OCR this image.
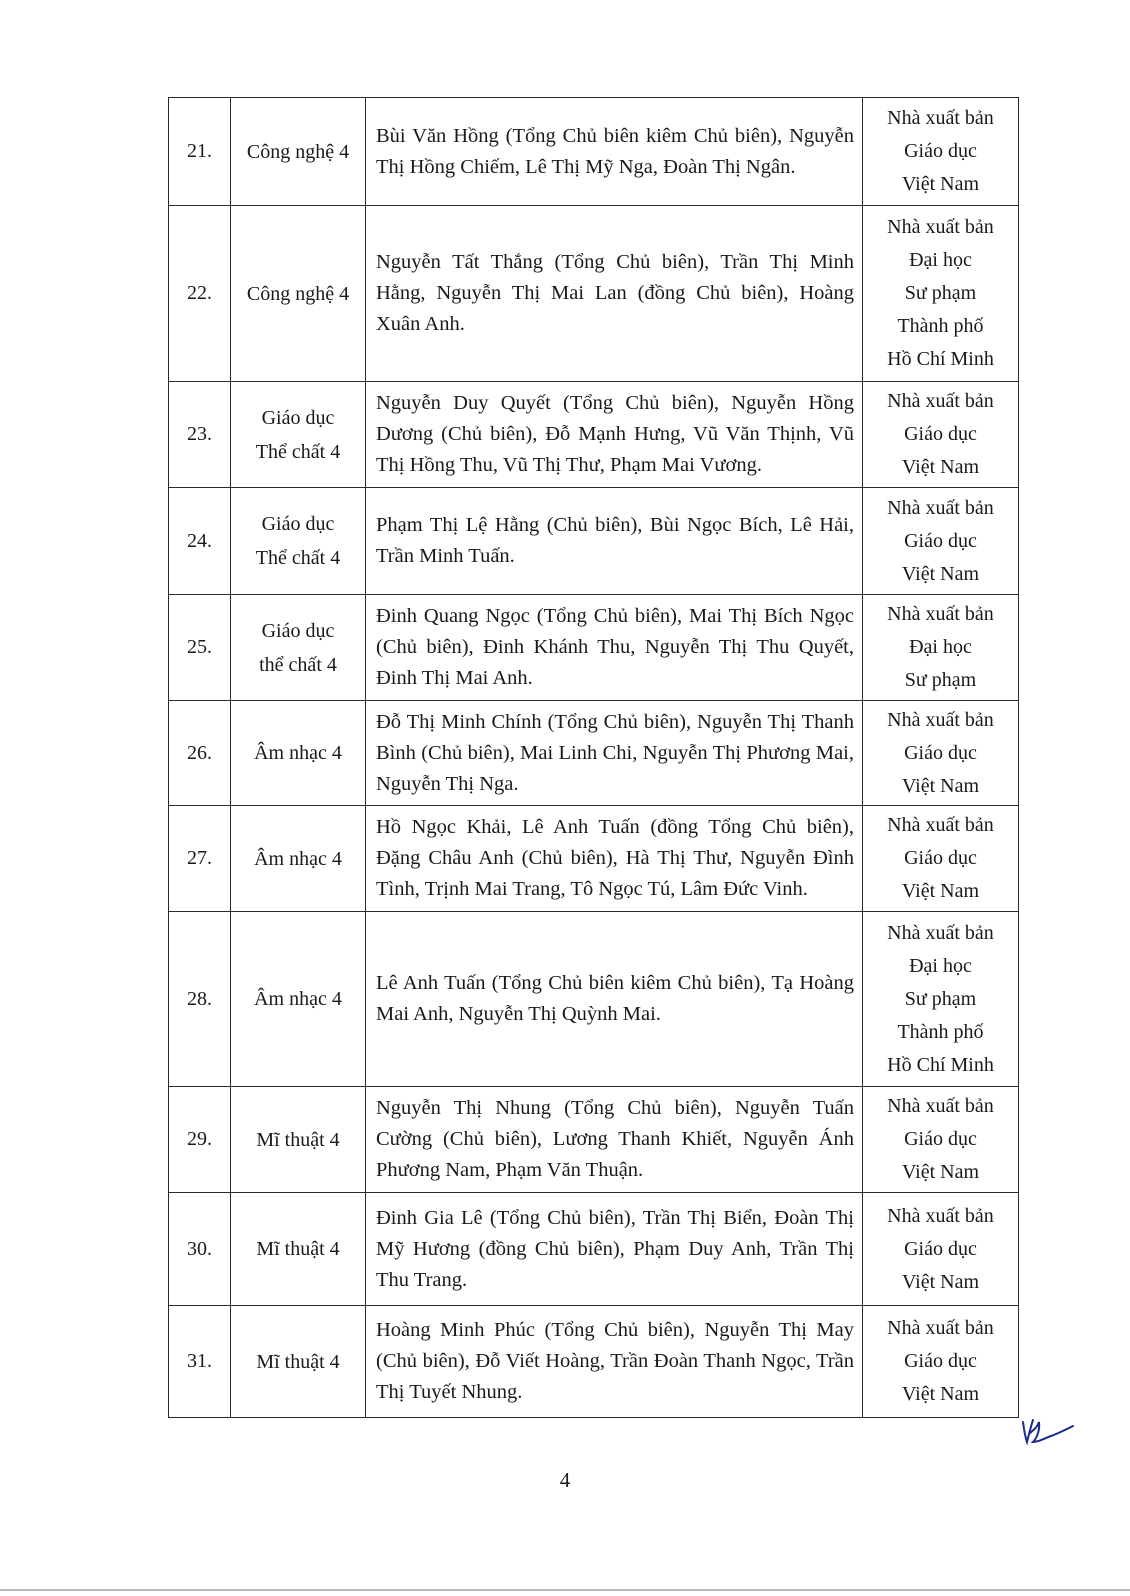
21.	Công nghệ 4	Bùi Văn Hồng (Tổng Chủ biên kiêm Chủ biên), Nguyễn Thị Hồng Chiếm, Lê Thị Mỹ Nga, Đoàn Thị Ngân.	Nhà xuất bản
Giáo dục
Việt Nam

22.	Công nghệ 4	Nguyễn Tất Thắng (Tổng Chủ biên), Trần Thị Minh Hằng, Nguyễn Thị Mai Lan (đồng Chủ biên), Hoàng Xuân Anh.	Nhà xuất bản
Đại học
Sư phạm
Thành phố
Hồ Chí Minh

23.	Giáo dục
Thể chất 4	Nguyễn Duy Quyết (Tổng Chủ biên), Nguyễn Hồng Dương (Chủ biên), Đỗ Mạnh Hưng, Vũ Văn Thịnh, Vũ Thị Hồng Thu, Vũ Thị Thư, Phạm Mai Vương.	Nhà xuất bản
Giáo dục
Việt Nam

24.	Giáo dục
Thể chất 4	Phạm Thị Lệ Hằng (Chủ biên), Bùi Ngọc Bích, Lê Hải, Trần Minh Tuấn.	Nhà xuất bản
Giáo dục
Việt Nam

25.	Giáo dục
thể chất 4	Đinh Quang Ngọc (Tổng Chủ biên), Mai Thị Bích Ngọc (Chủ biên), Đinh Khánh Thu, Nguyễn Thị Thu Quyết, Đinh Thị Mai Anh.	Nhà xuất bản
Đại học
Sư phạm

26.	Âm nhạc 4	Đỗ Thị Minh Chính (Tổng Chủ biên), Nguyễn Thị Thanh Bình (Chủ biên), Mai Linh Chi, Nguyễn Thị Phương Mai, Nguyễn Thị Nga.	Nhà xuất bản
Giáo dục
Việt Nam

27.	Âm nhạc 4	Hồ Ngọc Khải, Lê Anh Tuấn (đồng Tổng Chủ biên), Đặng Châu Anh (Chủ biên), Hà Thị Thư, Nguyễn Đình Tình, Trịnh Mai Trang, Tô Ngọc Tú, Lâm Đức Vinh.	Nhà xuất bản
Giáo dục
Việt Nam

28.	Âm nhạc 4	Lê Anh Tuấn (Tổng Chủ biên kiêm Chủ biên), Tạ Hoàng Mai Anh, Nguyễn Thị Quỳnh Mai.	Nhà xuất bản
Đại học
Sư phạm
Thành phố
Hồ Chí Minh

29.	Mĩ thuật 4	Nguyễn Thị Nhung (Tổng Chủ biên), Nguyễn Tuấn Cường (Chủ biên), Lương Thanh Khiết, Nguyễn Ánh Phương Nam, Phạm Văn Thuận.	Nhà xuất bản
Giáo dục
Việt Nam

30.	Mĩ thuật 4	Đinh Gia Lê (Tổng Chủ biên), Trần Thị Biển, Đoàn Thị Mỹ Hương (đồng Chủ biên), Phạm Duy Anh, Trần Thị Thu Trang.	Nhà xuất bản
Giáo dục
Việt Nam

31.	Mĩ thuật 4	Hoàng Minh Phúc (Tổng Chủ biên), Nguyễn Thị May (Chủ biên), Đỗ Viết Hoàng, Trần Đoàn Thanh Ngọc, Trần Thị Tuyết Nhung.	Nhà xuất bản
Giáo dục
Việt Nam
4
